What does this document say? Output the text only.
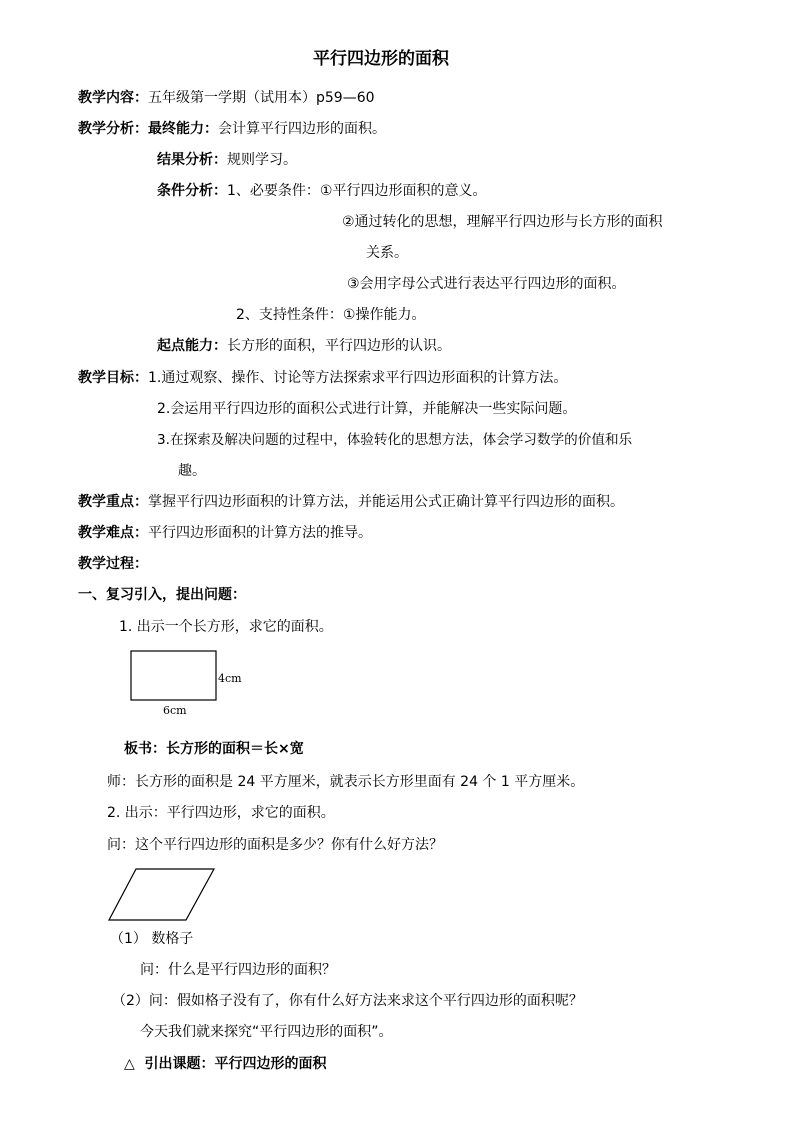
平行四边形的面积
教学内容：五年级第一学期（试用本）p59—60
教学分析：最终能力：会计算平行四边形的面积。
结果分析：规则学习。
条件分析：1、必要条件：①平行四边形面积的意义。
②通过转化的思想，理解平行四边形与长方形的面积
关系。
③会用字母公式进行表达平行四边形的面积。
2、支持性条件：①操作能力。
起点能力：长方形的面积，平行四边形的认识。
教学目标：1.通过观察、操作、讨论等方法探索求平行四边形面积的计算方法。
2.会运用平行四边形的面积公式进行计算，并能解决一些实际问题。
3.在探索及解决问题的过程中，体验转化的思想方法，体会学习数学的价值和乐
趣。
教学重点：掌握平行四边形面积的计算方法，并能运用公式正确计算平行四边形的面积。
教学难点：平行四边形面积的计算方法的推导。
教学过程：
一、复习引入，提出问题：
1. 出示一个长方形，求它的面积。
4cm
6cm
板书：长方形的面积＝长×宽
师：长方形的面积是 24 平方厘米，就表示长方形里面有 24 个 1 平方厘米。
2. 出示：平行四边形，求它的面积。
问：这个平行四边形的面积是多少？你有什么好方法？
（1） 数格子
问：什么是平行四边形的面积？
（2）问：假如格子没有了，你有什么好方法来求这个平行四边形的面积呢？
今天我们就来探究“平行四边形的面积”。
△ 引出课题：平行四边形的面积
